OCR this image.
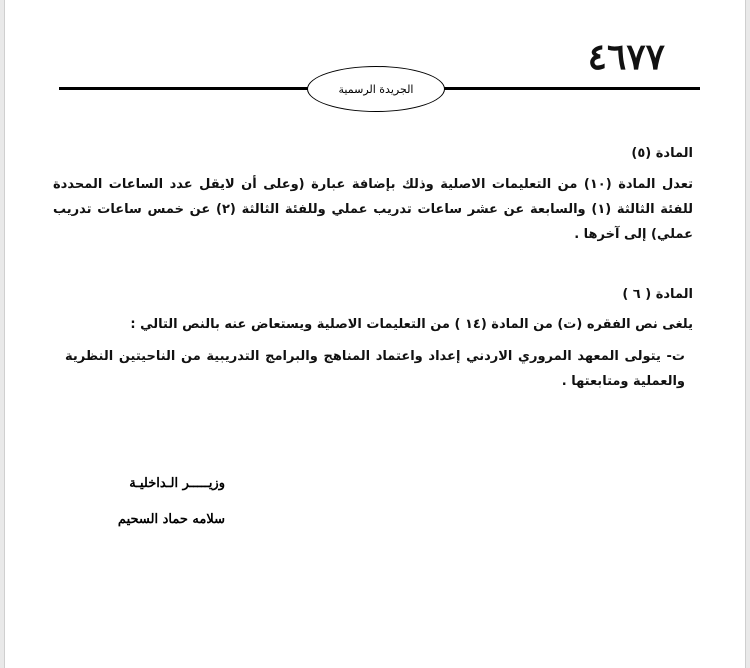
٤٦٧٧
الجريدة الرسمية
المادة (٥)
تعدل المادة (١٠) من التعليمات الاصلية وذلك بإضافة عبارة (وعلى أن لايقل عدد الساعات المحددة للفئة الثالثة (١) والسابعة عن عشر ساعات تدريب عملي وللفئة الثالثة (٢) عن خمس ساعات تدريب عملي) إلى آخرها .
المادة ( ٦ )
يلغى نص الفقره (ت) من المادة (١٤ ) من التعليمات الاصلية ويستعاض عنه بالنص التالي :
ت- يتولى المعهد المروري الاردني إعداد واعتماد المناهج والبرامج التدريبية من الناحيتين النظرية والعملية ومتابعتها .
وزيـــــر الـداخليـة
سلامه حماد السحيم
